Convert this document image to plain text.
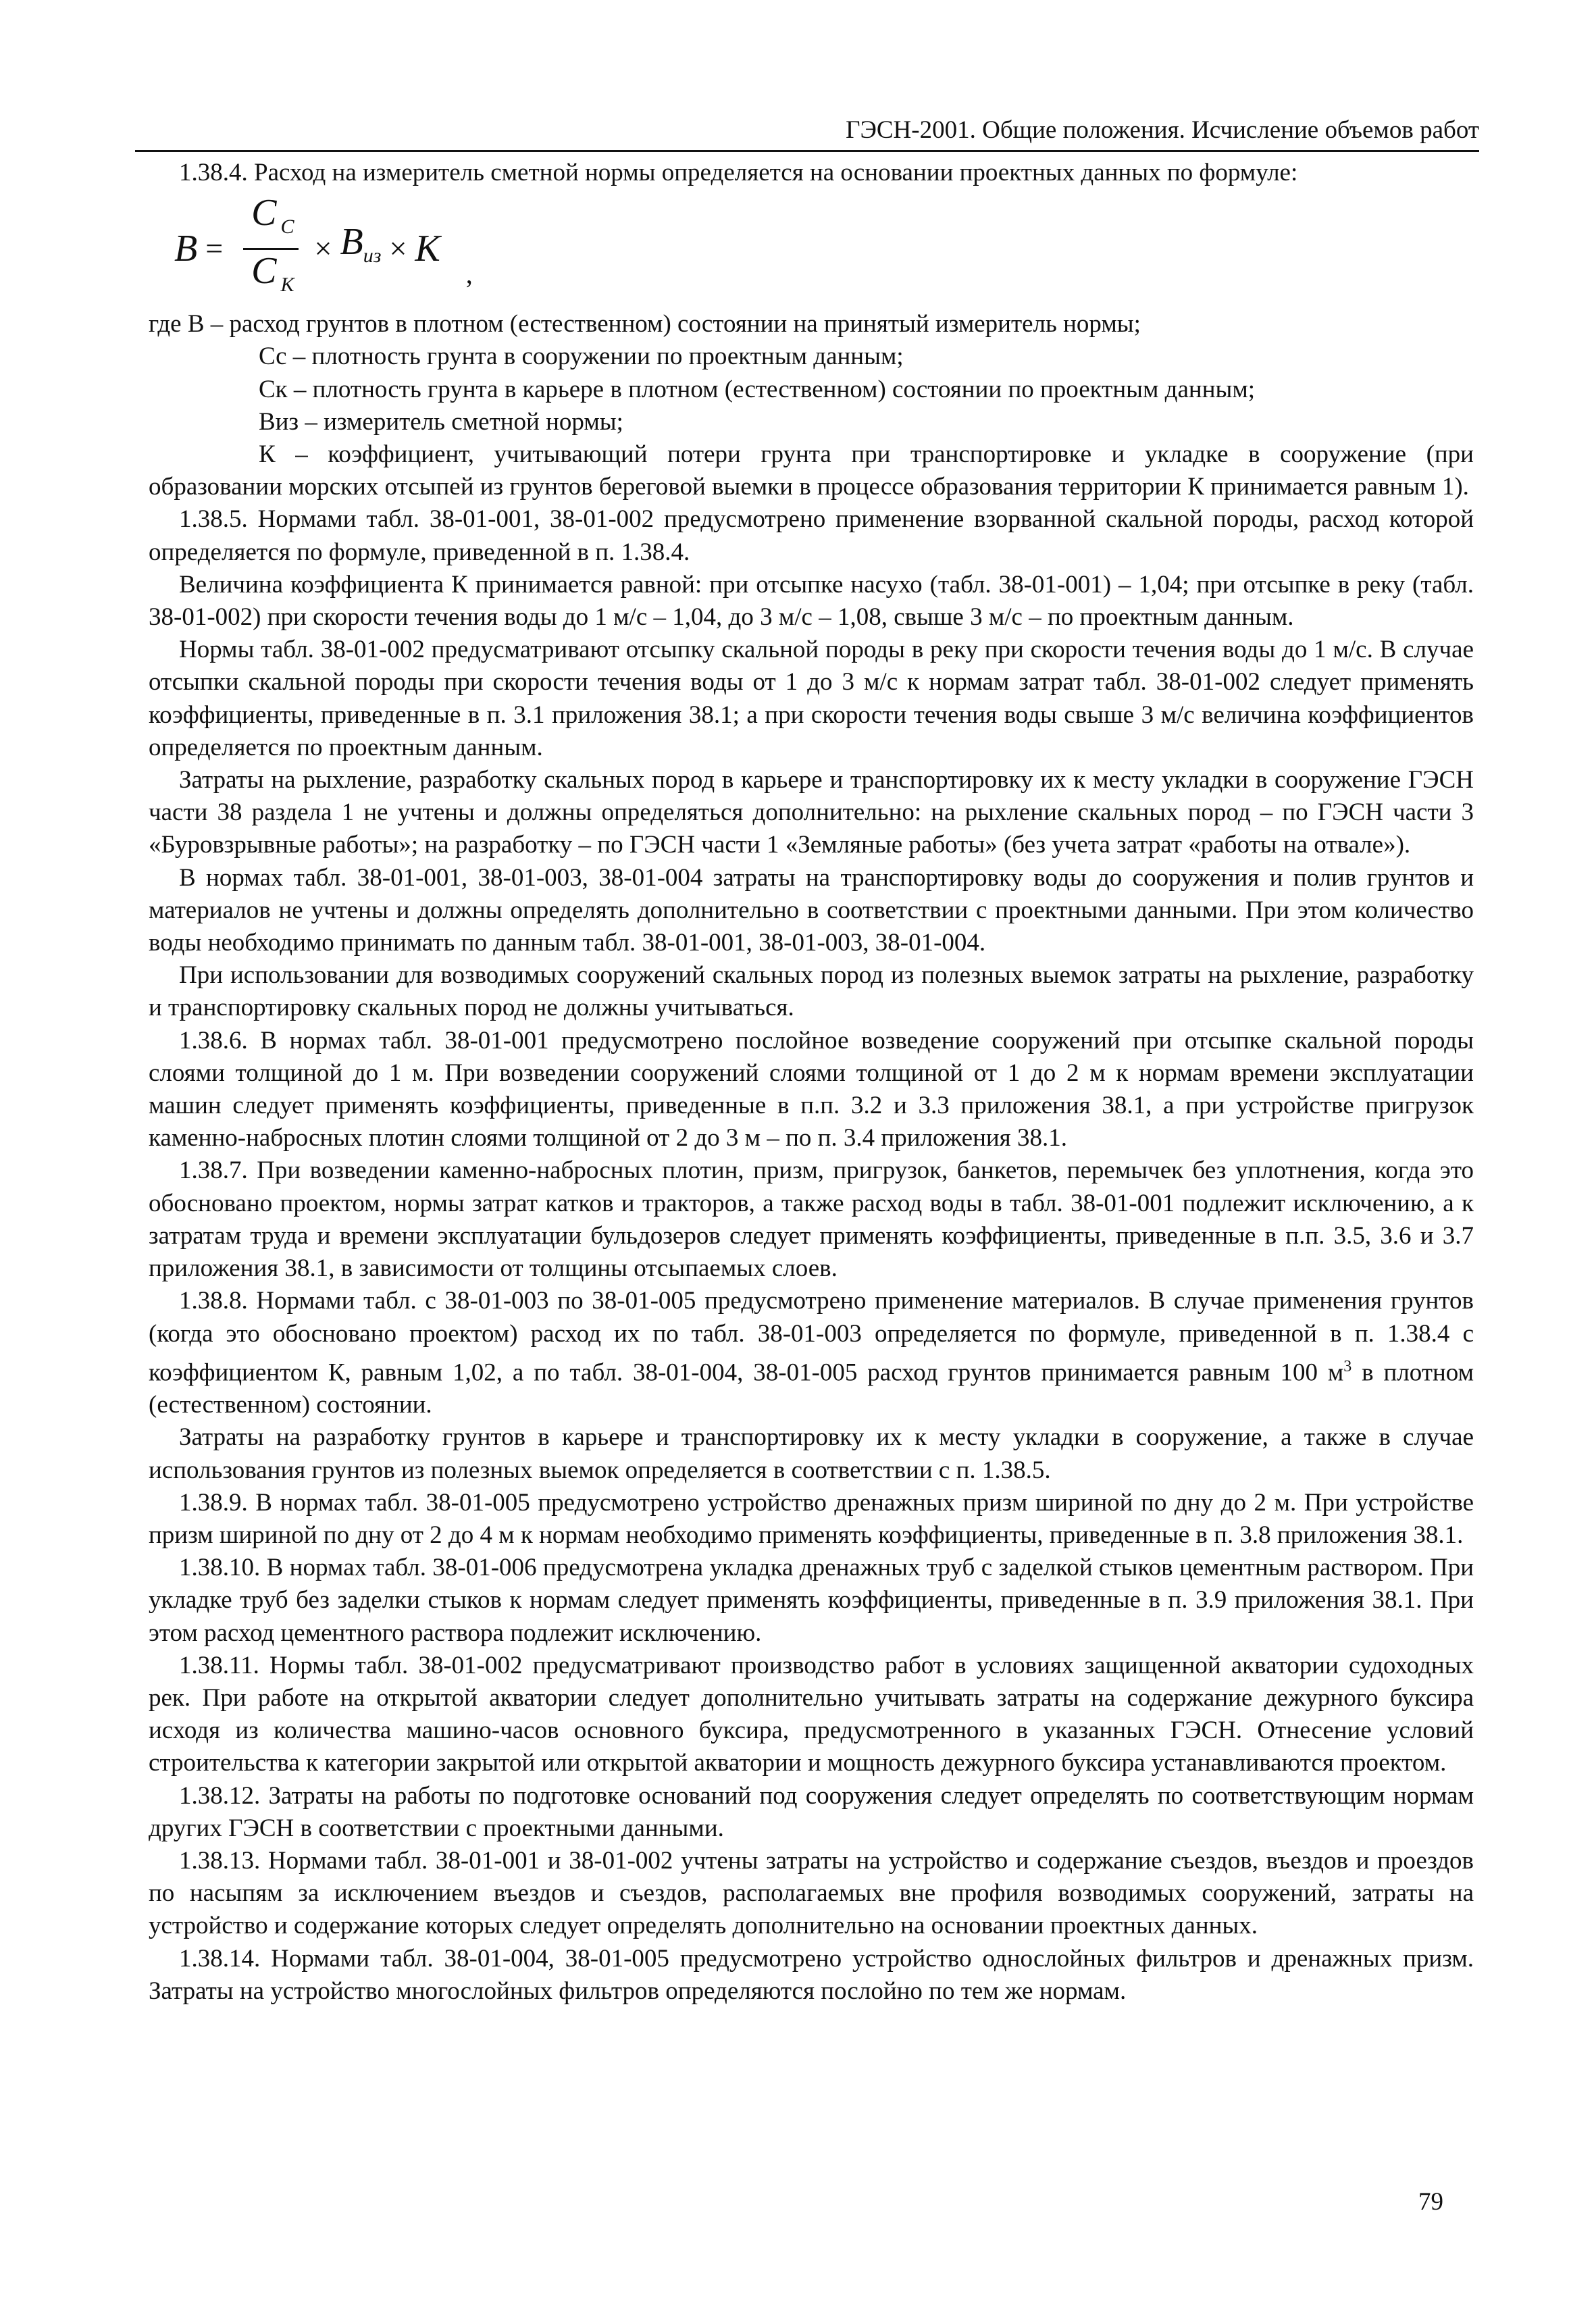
ГЭСН-2001. Общие положения. Исчисление объемов работ

1.38.4. Расход на измеритель сметной нормы определяется на основании проектных данных по формуле:

$B = \frac{C _C}{C _K} \times B_{из} \times K$
,

где В – расход грунтов в плотном (естественном) состоянии на принятый измеритель нормы;

Сс – плотность грунта в сооружении по проектным данным;

Ск – плотность грунта в карьере в плотном (естественном) состоянии по проектным данным;

Виз – измеритель сметной нормы;

К – коэффициент, учитывающий потери грунта при транспортировке и укладке в сооружение (при
образовании морских отсыпей из грунтов береговой выемки в процессе образования территории К принимается равным 1).

1.38.5. Нормами табл. 38-01-001, 38-01-002 предусмотрено применение взорванной скальной породы, расход которой определяется по формуле, приведенной в п. 1.38.4.

Величина коэффициента К принимается равной: при отсыпке насухо (табл. 38-01-001) – 1,04; при отсыпке в реку (табл. 38-01-002) при скорости течения воды до 1 м/с – 1,04, до 3 м/с – 1,08, свыше 3 м/с – по проектным данным.

Нормы табл. 38-01-002 предусматривают отсыпку скальной породы в реку при скорости течения воды до 1 м/с. В случае отсыпки скальной породы при скорости течения воды от 1 до 3 м/с к нормам затрат табл. 38-01-002 следует применять коэффициенты, приведенные в п. 3.1 приложения 38.1; а при скорости течения воды свыше 3 м/с величина коэффициентов определяется по проектным данным.

Затраты на рыхление, разработку скальных пород в карьере и транспортировку их к месту укладки в сооружение ГЭСН части 38 раздела 1 не учтены и должны определяться дополнительно: на рыхление скальных пород – по ГЭСН части 3 «Буровзрывные работы»; на разработку – по ГЭСН части 1 «Земляные работы» (без учета затрат «работы на отвале»).

В нормах табл. 38-01-001, 38-01-003, 38-01-004 затраты на транспортировку воды до сооружения и полив грунтов и материалов не учтены и должны определять дополнительно в соответствии с проектными данными. При этом количество воды необходимо принимать по данным табл. 38-01-001, 38-01-003, 38-01-004.

При использовании для возводимых сооружений скальных пород из полезных выемок затраты на рыхление, разработку и транспортировку скальных пород не должны учитываться.

1.38.6. В нормах табл. 38-01-001 предусмотрено послойное возведение сооружений при отсыпке скальной породы слоями толщиной до 1 м. При возведении сооружений слоями толщиной от 1 до 2 м к нормам времени эксплуатации машин следует применять коэффициенты, приведенные в п.п. 3.2 и 3.3 приложения 38.1, а при устройстве пригрузок каменно-набросных плотин слоями толщиной от 2 до 3 м – по п. 3.4 приложения 38.1.

1.38.7. При возведении каменно-набросных плотин, призм, пригрузок, банкетов, перемычек без уплотнения, когда это обосновано проектом, нормы затрат катков и тракторов, а также расход воды в табл. 38-01-001 подлежит исключению, а к затратам труда и времени эксплуатации бульдозеров следует применять коэффициенты, приведенные в п.п. 3.5, 3.6 и 3.7 приложения 38.1, в зависимости от толщины отсыпаемых слоев.

1.38.8. Нормами табл. с 38-01-003 по 38-01-005 предусмотрено применение материалов. В случае применения грунтов (когда это обосновано проектом) расход их по табл. 38-01-003 определяется по формуле, приведенной в п. 1.38.4 с коэффициентом К, равным 1,02, а по табл. 38-01-004, 38-01-005 расход грунтов принимается равным 100 $м^3$ в плотном (естественном) состоянии.

Затраты на разработку грунтов в карьере и транспортировку их к месту укладки в сооружение, а также в случае использования грунтов из полезных выемок определяется в соответствии с п. 1.38.5.

1.38.9. В нормах табл. 38-01-005 предусмотрено устройство дренажных призм шириной по дну до 2 м. При устройстве призм шириной по дну от 2 до 4 м к нормам необходимо применять коэффициенты, приведенные в п. 3.8 приложения 38.1.

1.38.10. В нормах табл. 38-01-006 предусмотрена укладка дренажных труб с заделкой стыков цементным раствором. При укладке труб без заделки стыков к нормам следует применять коэффициенты, приведенные в п. 3.9 приложения 38.1. При этом расход цементного раствора подлежит исключению.

1.38.11. Нормы табл. 38-01-002 предусматривают производство работ в условиях защищенной акватории судоходных рек. При работе на открытой акватории следует дополнительно учитывать затраты на содержание дежурного буксира исходя из количества машино-часов основного буксира, предусмотренного в указанных ГЭСН. Отнесение условий строительства к категории закрытой или открытой акватории и мощность дежурного буксира устанавливаются проектом.

1.38.12. Затраты на работы по подготовке оснований под сооружения следует определять по соответствующим нормам других ГЭСН в соответствии с проектными данными.

1.38.13. Нормами табл. 38-01-001 и 38-01-002 учтены затраты на устройство и содержание съездов, въездов и проездов по насыпям за исключением въездов и съездов, располагаемых вне профиля возводимых сооружений, затраты на устройство и содержание которых следует определять дополнительно на основании проектных данных.

1.38.14. Нормами табл. 38-01-004, 38-01-005 предусмотрено устройство однослойных фильтров и дренажных призм. Затраты на устройство многослойных фильтров определяются послойно по тем же нормам.

79
